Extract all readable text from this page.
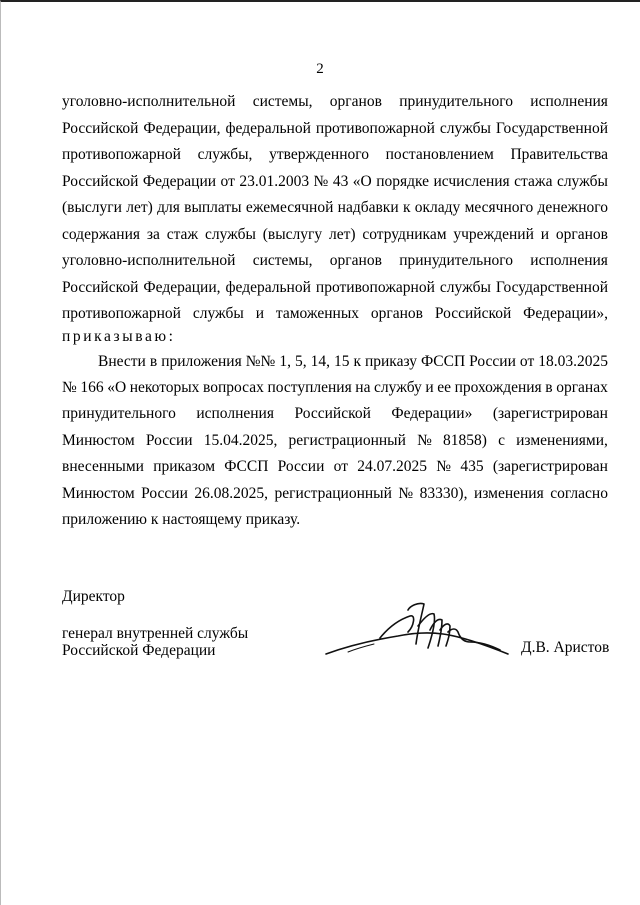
2
уголовно-исполнительной системы, органов принудительного исполнения
Российской Федерации, федеральной противопожарной службы Государственной
противопожарной службы, утвержденного постановлением Правительства
Российской Федерации от 23.01.2003 № 43 «О порядке исчисления стажа службы
(выслуги лет) для выплаты ежемесячной надбавки к окладу месячного денежного
содержания за стаж службы (выслугу лет) сотрудникам учреждений и органов
уголовно-исполнительной системы, органов принудительного исполнения
Российской Федерации, федеральной противопожарной службы Государственной
противопожарной службы и таможенных органов Российской Федерации»,
приказываю:
Внести в приложения №№ 1, 5, 14, 15 к приказу ФССП России от 18.03.2025
№ 166 «О некоторых вопросах поступления на службу и ее прохождения в органах
принудительного исполнения Российской Федерации» (зарегистрирован
Минюстом России 15.04.2025, регистрационный № 81858) с изменениями,
внесенными приказом ФССП России от 24.07.2025 № 435 (зарегистрирован
Минюстом России 26.08.2025, регистрационный № 83330), изменения согласно
приложению к настоящему приказу.
Директор
генерал внутренней службы
Российской Федерации	Д.В. Аристов
